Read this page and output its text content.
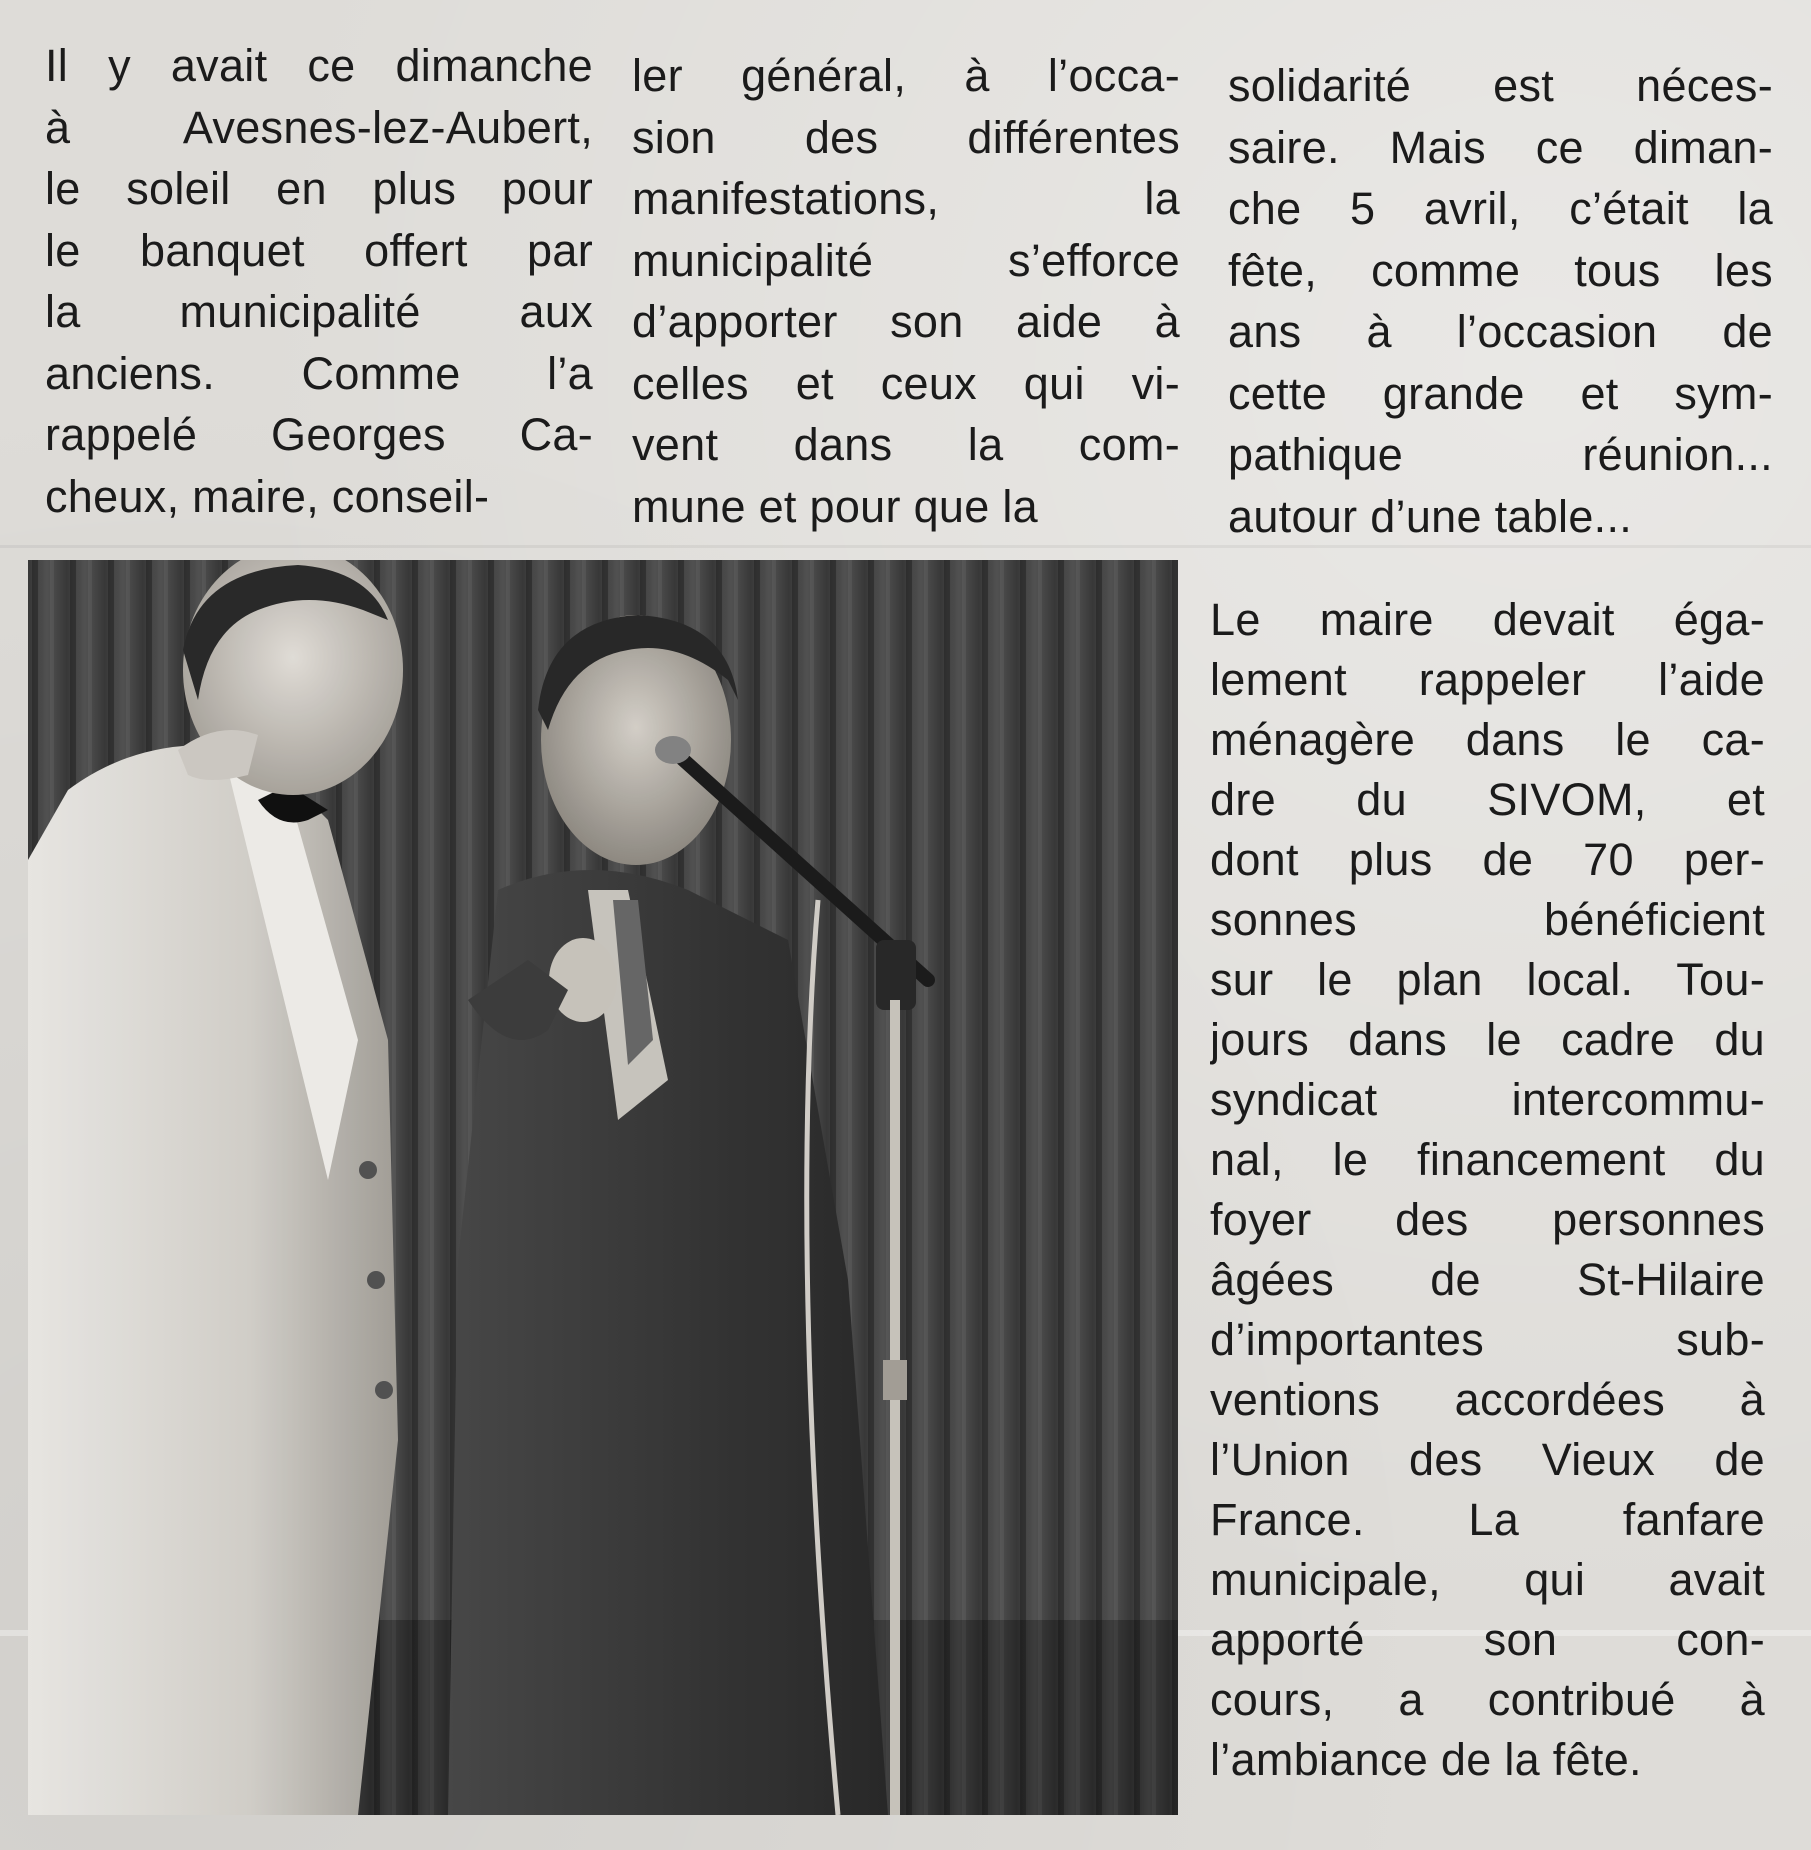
Il y avait ce dimanche
à Avesnes-lez-Aubert,
le soleil en plus pour
le banquet offert par
la municipalité aux
anciens. Comme l’a
rappelé Georges Ca-
cheux, maire, conseil-
ler général, à l’occa-
sion des différentes
manifestations, la
municipalité s’efforce
d’apporter son aide à
celles et ceux qui vi-
vent dans la com-
mune et pour que la
solidarité est néces-
saire. Mais ce diman-
che 5 avril, c’était la
fête, comme tous les
ans à l’occasion de
cette grande et sym-
pathique réunion...
autour d’une table...
Le maire devait éga-
lement rappeler l’aide
ménagère dans le ca-
dre du SIVOM, et
dont plus de 70 per-
sonnes bénéficient
sur le plan local. Tou-
jours dans le cadre du
syndicat intercommu-
nal, le financement du
foyer des personnes
âgées de St-Hilaire
d’importantes sub-
ventions accordées à
l’Union des Vieux de
France. La fanfare
municipale, qui avait
apporté son con-
cours, a contribué à
l’ambiance de la fête.
